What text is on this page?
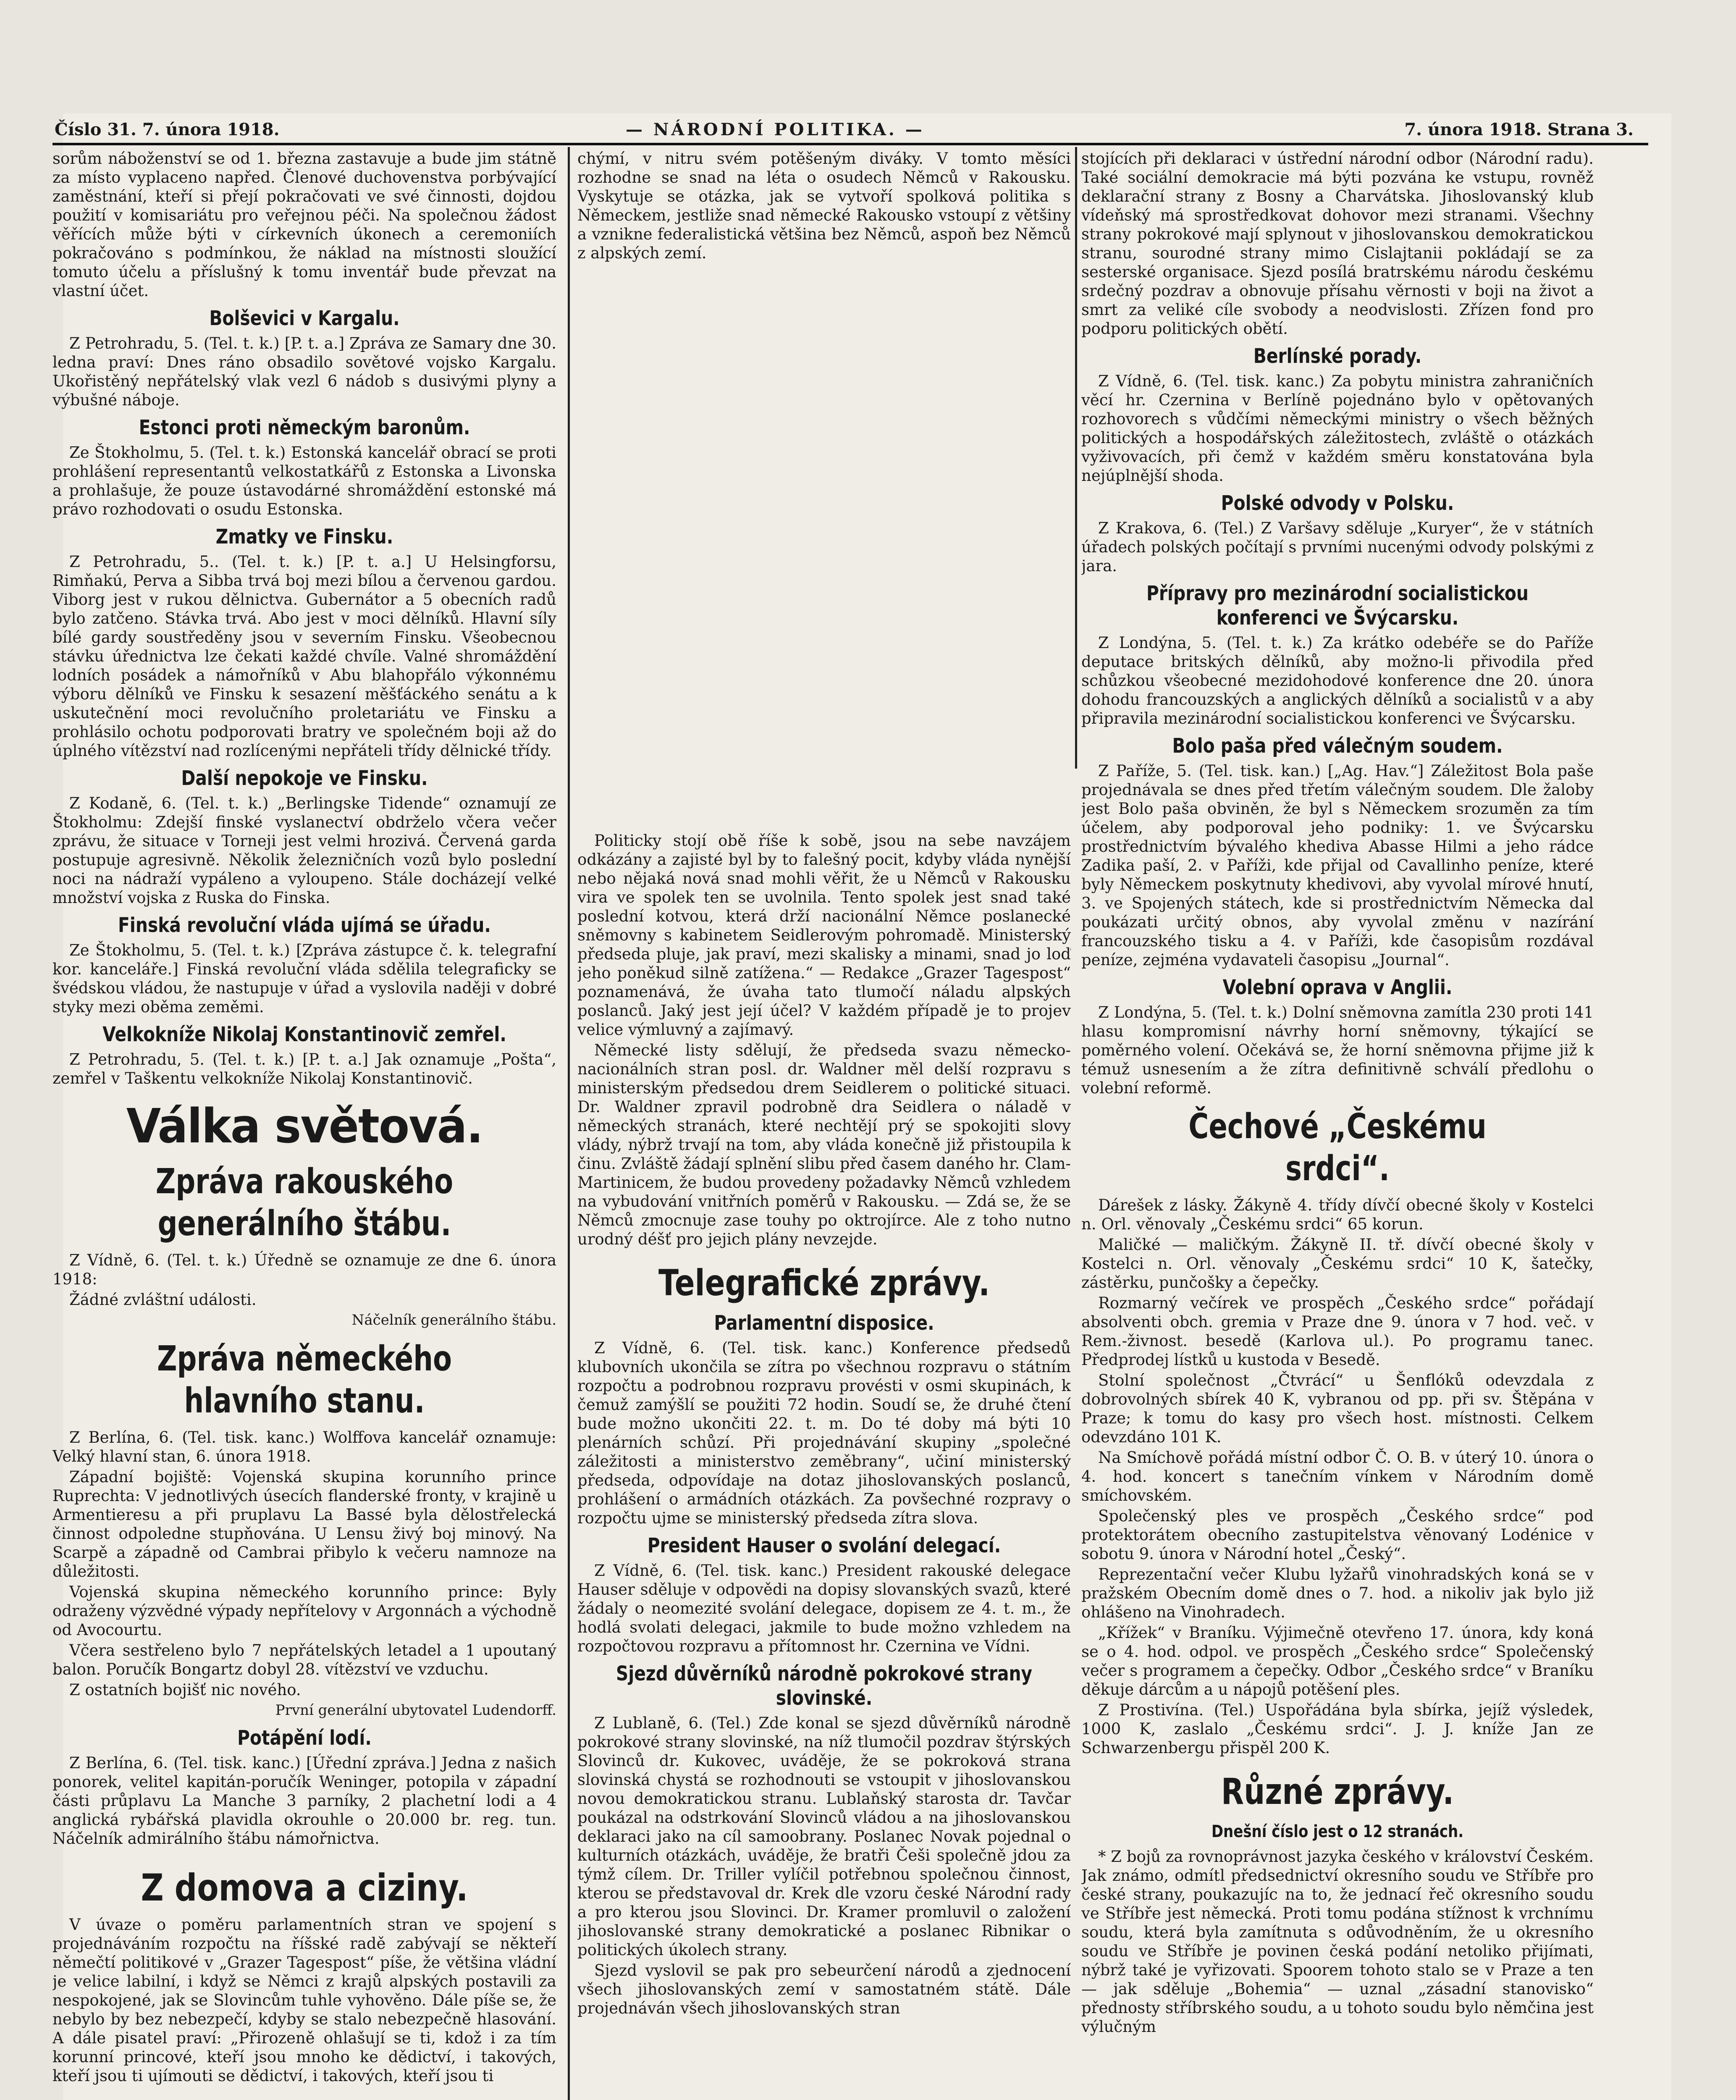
Číslo 31. 7. února 1918.	— NÁRODNÍ POLITIKA. —	7. února 1918. Strana 3.

sorům náboženství se od 1. března zastavuje a bude jim státně za místo vyplaceno napřed. Členové duchovenstva porbývající zaměstnání, kteří si přejí pokračovati ve své činnosti, dojdou použití v komisariátu pro veřejnou péči. Na společnou žádost věřících může býti v církevních úkonech a ceremoniích pokračováno s podmínkou, že náklad na místnosti sloužící tomuto účelu a příslušný k tomu inventář bude převzat na vlastní účet.

Bolševici v Kargalu.

Z Petrohradu, 5. (Tel. t. k.) [P. t. a.] Zpráva ze Samary dne 30. ledna praví: Dnes ráno obsadilo sovětové vojsko Kargalu. Ukořistěný nepřátelský vlak vezl 6 nádob s dusivými plyny a výbušné náboje.

Estonci proti německým baronům.

Ze Štokholmu, 5. (Tel. t. k.) Estonská kancelář obrací se proti prohlášení representantů velkostatkářů z Estonska a Livonska a prohlašuje, že pouze ústavodárné shromáždění estonské má právo rozhodovati o osudu Estonska.

Zmatky ve Finsku.

Z Petrohradu, 5.. (Tel. t. k.) [P. t. a.] U Helsingforsu, Rimňakú, Perva a Sibba trvá boj mezi bílou a červenou gardou. Viborg jest v rukou dělnictva. Gubernátor a 5 obecních radů bylo zatčeno. Stávka trvá. Abo jest v moci dělníků. Hlavní síly bílé gardy soustředěny jsou v severním Finsku. Všeobecnou stávku úřednictva lze čekati každé chvíle. Valné shromáždění lodních posádek a námořníků v Abu blahopřálo výkonnému výboru dělníků ve Finsku k sesazení měšťáckého senátu a k uskutečnění moci revolučního proletariátu ve Finsku a prohlásilo ochotu podporovati bratry ve společném boji až do úplného vítězství nad rozlícenými nepřáteli třídy dělnické třídy.

Další nepokoje ve Finsku.

Z Kodaně, 6. (Tel. t. k.) „Berlingske Tidende“ oznamují ze Štokholmu: Zdejší finské vyslanectví obdrželo včera večer zprávu, že situace v Torneji jest velmi hrozivá. Červená garda postupuje agresivně. Několik železničních vozů bylo poslední noci na nádraží vypáleno a vyloupeno. Stále docházejí velké množství vojska z Ruska do Finska.

Finská revoluční vláda ujímá se úřadu.

Ze Štokholmu, 5. (Tel. t. k.) [Zpráva zástupce č. k. telegrafní kor. kanceláře.] Finská revoluční vláda sdělila telegraficky se švédskou vládou, že nastupuje v úřad a vyslovila naději v dobré styky mezi oběma zeměmi.

Velkokníže Nikolaj Konstantinovič zemřel.

Z Petrohradu, 5. (Tel. t. k.) [P. t. a.] Jak oznamuje „Pošta“, zemřel v Taškentu velkokníže Nikolaj Konstantinovič.

Válka světová.
Zpráva rakouského generálního štábu.

Z Vídně, 6. (Tel. t. k.) Úředně se oznamuje ze dne 6. února 1918:

Žádné zvláštní události.

Náčelník generálního štábu.
Zpráva německého hlavního stanu.

Z Berlína, 6. (Tel. tisk. kanc.) Wolffova kancelář oznamuje: Velký hlavní stan, 6. února 1918.

Západní bojiště: Vojenská skupina korunního prince Ruprechta: V jednotlivých úsecích flanderské fronty, v krajině u Armentieresu a při pruplavu La Bassé byla dělostřelecká činnost odpoledne stupňována. U Lensu živý boj minový. Na Scarpě a západně od Cambrai přibylo k večeru namnoze na důležitosti.

Vojenská skupina německého korunního prince: Byly odraženy výzvědné výpady nepřítelovy v Argonnách a východně od Avocourtu.

Včera sestřeleno bylo 7 nepřátelských letadel a 1 upoutaný balon. Poručík Bongartz dobyl 28. vítězství ve vzduchu.

Z ostatních bojišť nic nového.

První generální ubytovatel Ludendorff.
Potápění lodí.

Z Berlína, 6. (Tel. tisk. kanc.) [Úřední zpráva.] Jedna z našich ponorek, velitel kapitán-poručík Weninger, potopila v západní části průplavu La Manche 3 parníky, 2 plachetní lodi a 4 anglická rybářská plavidla okrouhle o 20.000 br. reg. tun. Náčelník admirálního štábu námořnictva.

Z domova a ciziny.

V úvaze o poměru parlamentních stran ve spojení s projednáváním rozpočtu na říšské radě zabývají se někteří němečtí politikové v „Grazer Tagespost“ píše, že většina vládní je velice labilní, i když se Němci z krajů alpských postavili za nespokojené, jak se Slovincům tuhle vyhověno. Dále píše se, že nebylo by bez nebezpečí, kdyby se stalo nebezpečně hlasování. A dále pisatel praví: „Přirozeně ohlašují se ti, kdož i za tím korunní princové, kteří jsou mnoho ke dědictví, i takových, kteří jsou ti ujímouti se dědictví, i takových, kteří jsou ti

chýmí, v nitru svém potěšeným diváky. V tomto měsíci rozhodne se snad na léta o osudech Němců v Rakousku. Vyskytuje se otázka, jak se vytvoří spolková politika s Německem, jestliže snad německé Rakousko vstoupí z většiny a vznikne federalistická většina bez Němců, aspoň bez Němců z alpských zemí.

Politicky stojí obě říše k sobě, jsou na sebe navzájem odkázány a zajisté byl by to falešný pocit, kdyby vláda nynější nebo nějaká nová snad mohli věřit, že u Němců v Rakousku vira ve spolek ten se uvolnila. Tento spolek jest snad také poslední kotvou, která drží nacionální Němce poslanecké sněmovny s kabinetem Seidlerovým pohromadě. Ministerský předseda pluje, jak praví, mezi skalisky a minami, snad jo loď jeho poněkud silně zatížena.“ — Redakce „Grazer Tagespost“ poznamenává, že úvaha tato tlumočí náladu alpských poslanců. Jaký jest její účel? V každém případě je to projev velice výmluvný a zajímavý.

Německé listy sdělují, že předseda svazu německo-nacionálních stran posl. dr. Waldner měl delší rozpravu s ministerským předsedou drem Seidlerem o politické situaci. Dr. Waldner zpravil podrobně dra Seidlera o náladě v německých stranách, které nechtějí prý se spokojiti slovy vlády, nýbrž trvají na tom, aby vláda konečně již přistoupila k činu. Zvláště žádají splnění slibu před časem daného hr. Clam-Martinicem, že budou provedeny požadavky Němců vzhledem na vybudování vnitřních poměrů v Rakousku. — Zdá se, že se Němců zmocnuje zase touhy po oktrojírce. Ale z toho nutno urodný déšť pro jejich plány nevzejde.

Telegrafické zprávy.
Parlamentní disposice.

Z Vídně, 6. (Tel. tisk. kanc.) Konference předsedů klubovních ukončila se zítra po všechnou rozpravu o státním rozpočtu a podrobnou rozpravu provésti v osmi skupinách, k čemuž zamýšlí se použiti 72 hodin. Soudí se, že druhé čtení bude možno ukončiti 22. t. m. Do té doby má býti 10 plenárních schůzí. Při projednávání skupiny „společné záležitosti a ministerstvo zeměbrany“, učiní ministerský předseda, odpovídaje na dotaz jihoslovanských poslanců, prohlášení o armádních otázkách. Za povšechné rozpravy o rozpočtu ujme se ministerský předseda zítra slova.

President Hauser o svolání delegací.

Z Vídně, 6. (Tel. tisk. kanc.) President rakouské delegace Hauser sděluje v odpovědi na dopisy slovanských svazů, které žádaly o neomezité svolání delegace, dopisem ze 4. t. m., že hodlá svolati delegaci, jakmile to bude možno vzhledem na rozpočtovou rozpravu a přítomnost hr. Czernina ve Vídni.

Sjezd důvěrníků národně pokrokové strany slovinské.

Z Lublaně, 6. (Tel.) Zde konal se sjezd důvěrníků národně pokrokové strany slovinské, na níž tlumočil pozdrav štýrských Slovinců dr. Kukovec, uváděje, že se pokroková strana slovinská chystá se rozhodnouti se vstoupit v jihoslovanskou novou demokratickou stranu. Lublaňský starosta dr. Tavčar poukázal na odstrkování Slovinců vládou a na jihoslovanskou deklaraci jako na cíl samoobrany. Poslanec Novak pojednal o kulturních otázkách, uváděje, že bratři Češi společně jdou za týmž cílem. Dr. Triller vylíčil potřebnou společnou činnost, kterou se představoval dr. Krek dle vzoru české Národní rady a pro kterou jsou Slovinci. Dr. Kramer promluvil o založení jihoslovanské strany demokratické a poslanec Ribnikar o politických úkolech strany.

Sjezd vyslovil se pak pro sebeurčení národů a zjednocení všech jihoslovanských zemí v samostatném státě. Dále projednáván všech jihoslovanských stran

stojících při deklaraci v ústřední národní odbor (Národní radu). Také sociální demokracie má býti pozvána ke vstupu, rovněž deklarační strany z Bosny a Charvátska. Jihoslovanský klub vídeňský má sprostředkovat dohovor mezi stranami. Všechny strany pokrokové mají splynout v jihoslovanskou demokratickou stranu, sourodné strany mimo Cislajtanii pokládají se za sesterské organisace. Sjezd posílá bratrskému národu českému srdečný pozdrav a obnovuje přísahu věrnosti v boji na život a smrt za veliké cíle svobody a neodvislosti. Zřízen fond pro podporu politických obětí.

Berlínské porady.

Z Vídně, 6. (Tel. tisk. kanc.) Za pobytu ministra zahraničních věcí hr. Czernina v Berlíně pojednáno bylo v opětovaných rozhovorech s vůdčími německými ministry o všech běžných politických a hospodářských záležitostech, zvláště o otázkách vyživovacích, při čemž v každém směru konstatována byla nejúplnější shoda.

Polské odvody v Polsku.

Z Krakova, 6. (Tel.) Z Varšavy sděluje „Kuryer“, že v státních úřadech polských počítají s prvními nucenými odvody polskými z jara.

Přípravy pro mezinárodní socialistickou konferenci ve Švýcarsku.

Z Londýna, 5. (Tel. t. k.) Za krátko odebéře se do Paříže deputace britských dělníků, aby možno-li přivodila před schůzkou všeobecné mezidohodové konference dne 20. února dohodu francouzských a anglických dělníků a socialistů v a aby připravila mezinárodní socialistickou konferenci ve Švýcarsku.

Bolo paša před válečným soudem.

Z Paříže, 5. (Tel. tisk. kan.) [„Ag. Hav.“] Záležitost Bola paše projednávala se dnes před třetím válečným soudem. Dle žaloby jest Bolo paša obviněn, že byl s Německem srozuměn za tím účelem, aby podporoval jeho podniky: 1. ve Švýcarsku prostřednictvím bývalého khediva Abasse Hilmi a jeho rádce Zadika paší, 2. v Paříži, kde přijal od Cavallinho peníze, které byly Německem poskytnuty khedivovi, aby vyvolal mírové hnutí, 3. ve Spojených státech, kde si prostřednictvím Německa dal poukázati určitý obnos, aby vyvolal změnu v nazírání francouzského tisku a 4. v Paříži, kde časopisům rozdával peníze, zejména vydavateli časopisu „Journal“.

Volební oprava v Anglii.

Z Londýna, 5. (Tel. t. k.) Dolní sněmovna zamítla 230 proti 141 hlasu kompromisní návrhy horní sněmovny, týkající se poměrného volení. Očekává se, že horní sněmovna přijme již k témuž usnesením a že zítra definitivně schválí předlohu o volební reformě.

Čechové „Českému srdci“.

Dárešek z lásky. Žákyně 4. třídy dívčí obecné školy v Kostelci n. Orl. věnovaly „Českému srdci“ 65 korun.

Maličké — maličkým. Žákyně II. tř. dívčí obecné školy v Kostelci n. Orl. věnovaly „Českému srdci“ 10 K, šatečky, zástěrku, punčošky a čepečky.

Rozmarný večírek ve prospěch „Českého srdce“ pořádají absolventi obch. gremia v Praze dne 9. února v 7 hod. več. v Rem.-živnost. besedě (Karlova ul.). Po programu tanec. Předprodej lístků u kustoda v Besedě.

Stolní společnost „Čtvrácí“ u Šenflóků odevzdala z dobrovolných sbírek 40 K, vybranou od pp. při sv. Štěpána v Praze; k tomu do kasy pro všech host. místnosti. Celkem odevzdáno 101 K.

Na Smíchově pořádá místní odbor Č. O. B. v úterý 10. února o 4. hod. koncert s tanečním vínkem v Národním domě smíchovském.

Společenský ples ve prospěch „Českého srdce“ pod protektorátem obecního zastupitelstva věnovaný Lodénice v sobotu 9. února v Národní hotel „Český“.

Reprezentační večer Klubu lyžařů vinohradských koná se v pražském Obecním domě dnes o 7. hod. a nikoliv jak bylo již ohlášeno na Vinohradech.

„Křížek“ v Braníku. Výjimečně otevřeno 17. února, kdy koná se o 4. hod. odpol. ve prospěch „Českého srdce“ Společenský večer s programem a čepečky. Odbor „Českého srdce“ v Braníku děkuje dárcům a u nápojů potěšení ples.

Z Prostivína. (Tel.) Uspořádána byla sbírka, jejíž výsledek, 1000 K, zaslalo „Českému srdci“. J. J. kníže Jan ze Schwarzenbergu přispěl 200 K.

Různé zprávy.
Dnešní číslo jest o 12 stranách.

* Z bojů za rovnoprávnost jazyka českého v království Českém. Jak známo, odmítl předsednictví okresního soudu ve Stříbře pro české strany, poukazujíc na to, že jednací řeč okresního soudu ve Stříbře jest německá. Proti tomu podána stížnost k vrchnímu soudu, která byla zamítnuta s odůvodněním, že u okresního soudu ve Stříbře je povinen česká podání netoliko přijímati, nýbrž také je vyřizovati. Spoorem tohoto stalo se v Praze a ten — jak sděluje „Bohemia“ — uznal „zásadní stanovisko“ přednosty stříbrského soudu, a u tohoto soudu bylo němčina jest výlučným
